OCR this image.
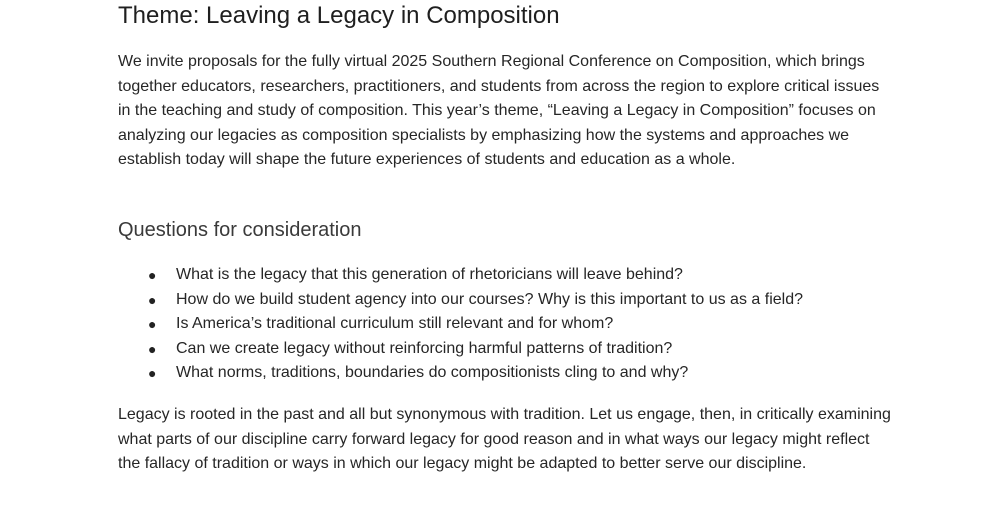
Theme: Leaving a Legacy in Composition

We invite proposals for the fully virtual 2025 Southern Regional Conference on Composition, which brings together educators, researchers, practitioners, and students from across the region to explore critical issues in the teaching and study of composition. This year’s theme, “Leaving a Legacy in Composition” focuses on analyzing our legacies as composition specialists by emphasizing how the systems and approaches we establish today will shape the future experiences of students and education as a whole.

Questions for consideration
● What is the legacy that this generation of rhetoricians will leave behind?
● How do we build student agency into our courses? Why is this important to us as a field?
● Is America’s traditional curriculum still relevant and for whom?
● Can we create legacy without reinforcing harmful patterns of tradition?
● What norms, traditions, boundaries do compositionists cling to and why?

Legacy is rooted in the past and all but synonymous with tradition. Let us engage, then, in critically examining what parts of our discipline carry forward legacy for good reason and in what ways our legacy might reflect the fallacy of tradition or ways in which our legacy might be adapted to better serve our discipline.
